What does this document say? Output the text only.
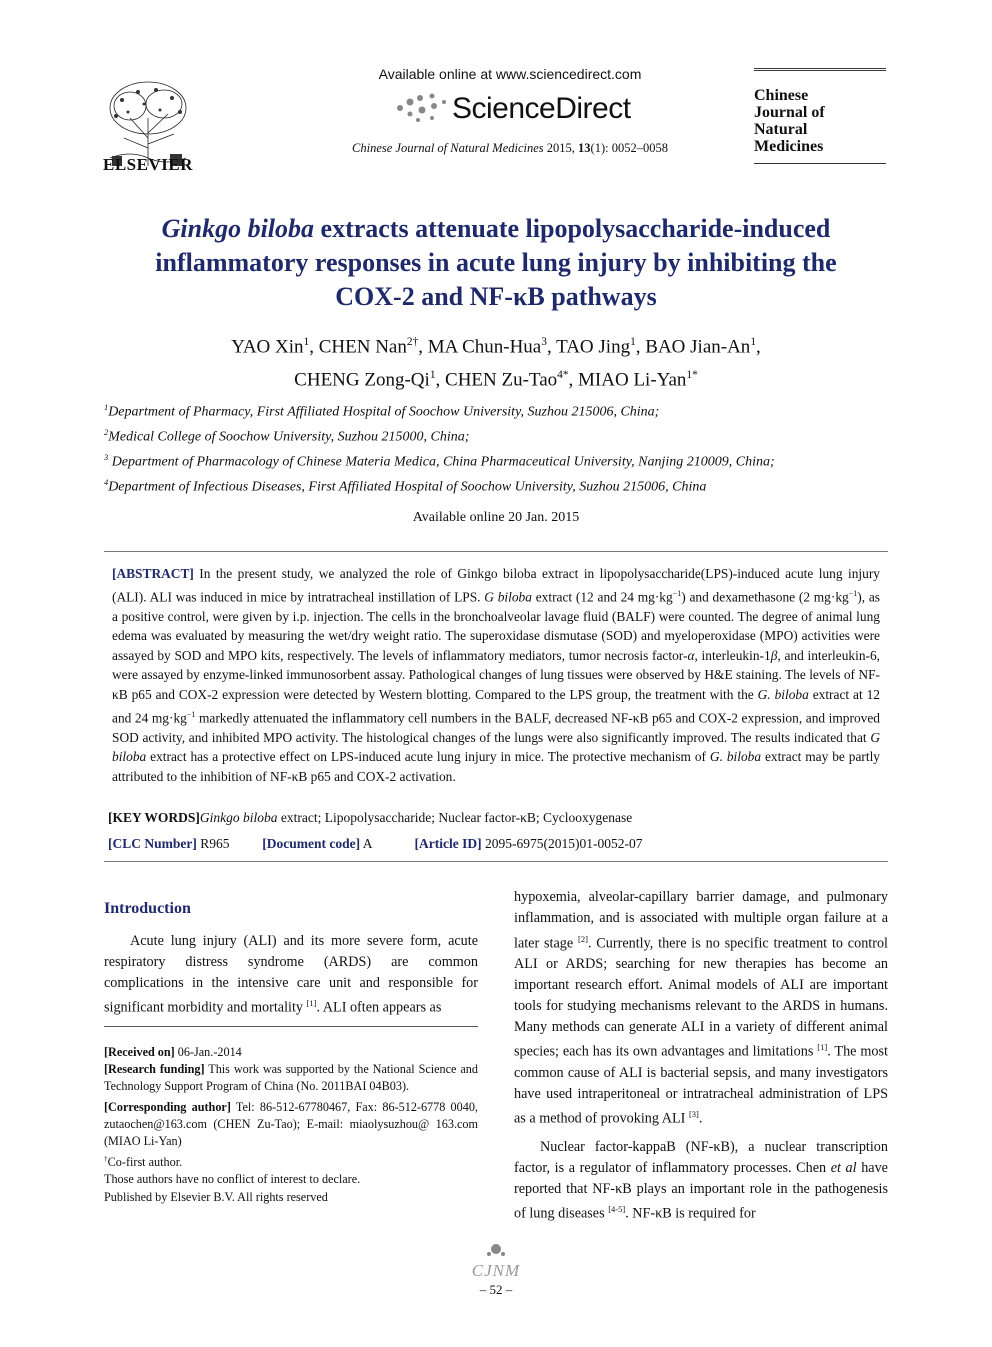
ELSEVIER
Available online at www.sciencedirect.com
ScienceDirect
Chinese Journal of Natural Medicines 2015, 13(1): 0052–0058
Chinese
Journal of
Natural
Medicines
Ginkgo biloba extracts attenuate lipopolysaccharide-induced
inflammatory responses in acute lung injury by inhibiting the
COX-2 and NF-κB pathways
YAO Xin$^1$, CHEN Nan$^{2\dagger}$, MA Chun-Hua$^3$, TAO Jing$^1$, BAO Jian-An$^1$,
CHENG Zong-Qi$^1$, CHEN Zu-Tao$^{4*}$, MIAO Li-Yan$^{1*}$
$^1$Department of Pharmacy, First Affiliated Hospital of Soochow University, Suzhou 215006, China;
$^2$Medical College of Soochow University, Suzhou 215000, China;
$^3$ Department of Pharmacology of Chinese Materia Medica, China Pharmaceutical University, Nanjing 210009, China;
$^4$Department of Infectious Diseases, First Affiliated Hospital of Soochow University, Suzhou 215006, China
Available online 20 Jan. 2015
[ABSTRACT] In the present study, we analyzed the role of Ginkgo biloba extract in lipopolysaccharide(LPS)-induced acute lung injury (ALI). ALI was induced in mice by intratracheal instillation of LPS. G biloba extract (12 and 24 $mg\cdot kg^{-1}$) and dexamethasone (2 $mg\cdot kg^{-1}$), as a positive control, were given by i.p. injection. The cells in the bronchoalveolar lavage fluid (BALF) were counted. The degree of animal lung edema was evaluated by measuring the wet/dry weight ratio. The superoxidase dismutase (SOD) and myeloperoxidase (MPO) activities were assayed by SOD and MPO kits, respectively. The levels of inflammatory mediators, tumor necrosis factor-α, interleukin-1β, and interleukin-6, were assayed by enzyme-linked immunosorbent assay. Pathological changes of lung tissues were observed by H&E staining. The levels of NF-κB p65 and COX-2 expression were detected by Western blotting. Compared to the LPS group, the treatment with the G. biloba extract at 12 and 24 $mg\cdot kg^{-1}$ markedly attenuated the inflammatory cell numbers in the BALF, decreased NF-κB p65 and COX-2 expression, and improved SOD activity, and inhibited MPO activity. The histological changes of the lungs were also significantly improved. The results indicated that G biloba extract has a protective effect on LPS-induced acute lung injury in mice. The protective mechanism of G. biloba extract may be partly attributed to the inhibition of NF-κB p65 and COX-2 activation.
[KEY WORDS]Ginkgo biloba extract; Lipopolysaccharide; Nuclear factor-κB; Cyclooxygenase
[CLC Number] R965 [Document code] A	[Article ID] 2095-6975(2015)01-0052-07
Introduction
Acute lung injury (ALI) and its more severe form, acute respiratory distress syndrome (ARDS) are common complications in the intensive care unit and responsible for significant morbidity and mortality [1]. ALI often appears as
[Received on] 06-Jan.-2014
[Research funding] This work was supported by the National Science and Technology Support Program of China (No. 2011BAI 04B03).
[Corresponding author] Tel: 86-512-67780467, Fax: 86-512-6778 0040, zutaochen@163.com (CHEN Zu-Tao); E-mail: miaolysuzhou@ 163.com (MIAO Li-Yan)
†Co-first author.
Those authors have no conflict of interest to declare.
Published by Elsevier B.V. All rights reserved
hypoxemia, alveolar-capillary barrier damage, and pulmonary inflammation, and is associated with multiple organ failure at a later stage [2]. Currently, there is no specific treatment to control ALI or ARDS; searching for new therapies has become an important research effort. Animal models of ALI are important tools for studying mechanisms relevant to the ARDS in humans. Many methods can generate ALI in a variety of different animal species; each has its own advantages and limitations [1]. The most common cause of ALI is bacterial sepsis, and many investigators have used intraperitoneal or intratracheal administration of LPS as a method of provoking ALI [3].
Nuclear factor-kappaB (NF-κB), a nuclear transcription factor, is a regulator of inflammatory processes. Chen et al have reported that NF-κB plays an important role in the pathogenesis of lung diseases [4-5]. NF-κB is required for
CJNM
– 52 –
